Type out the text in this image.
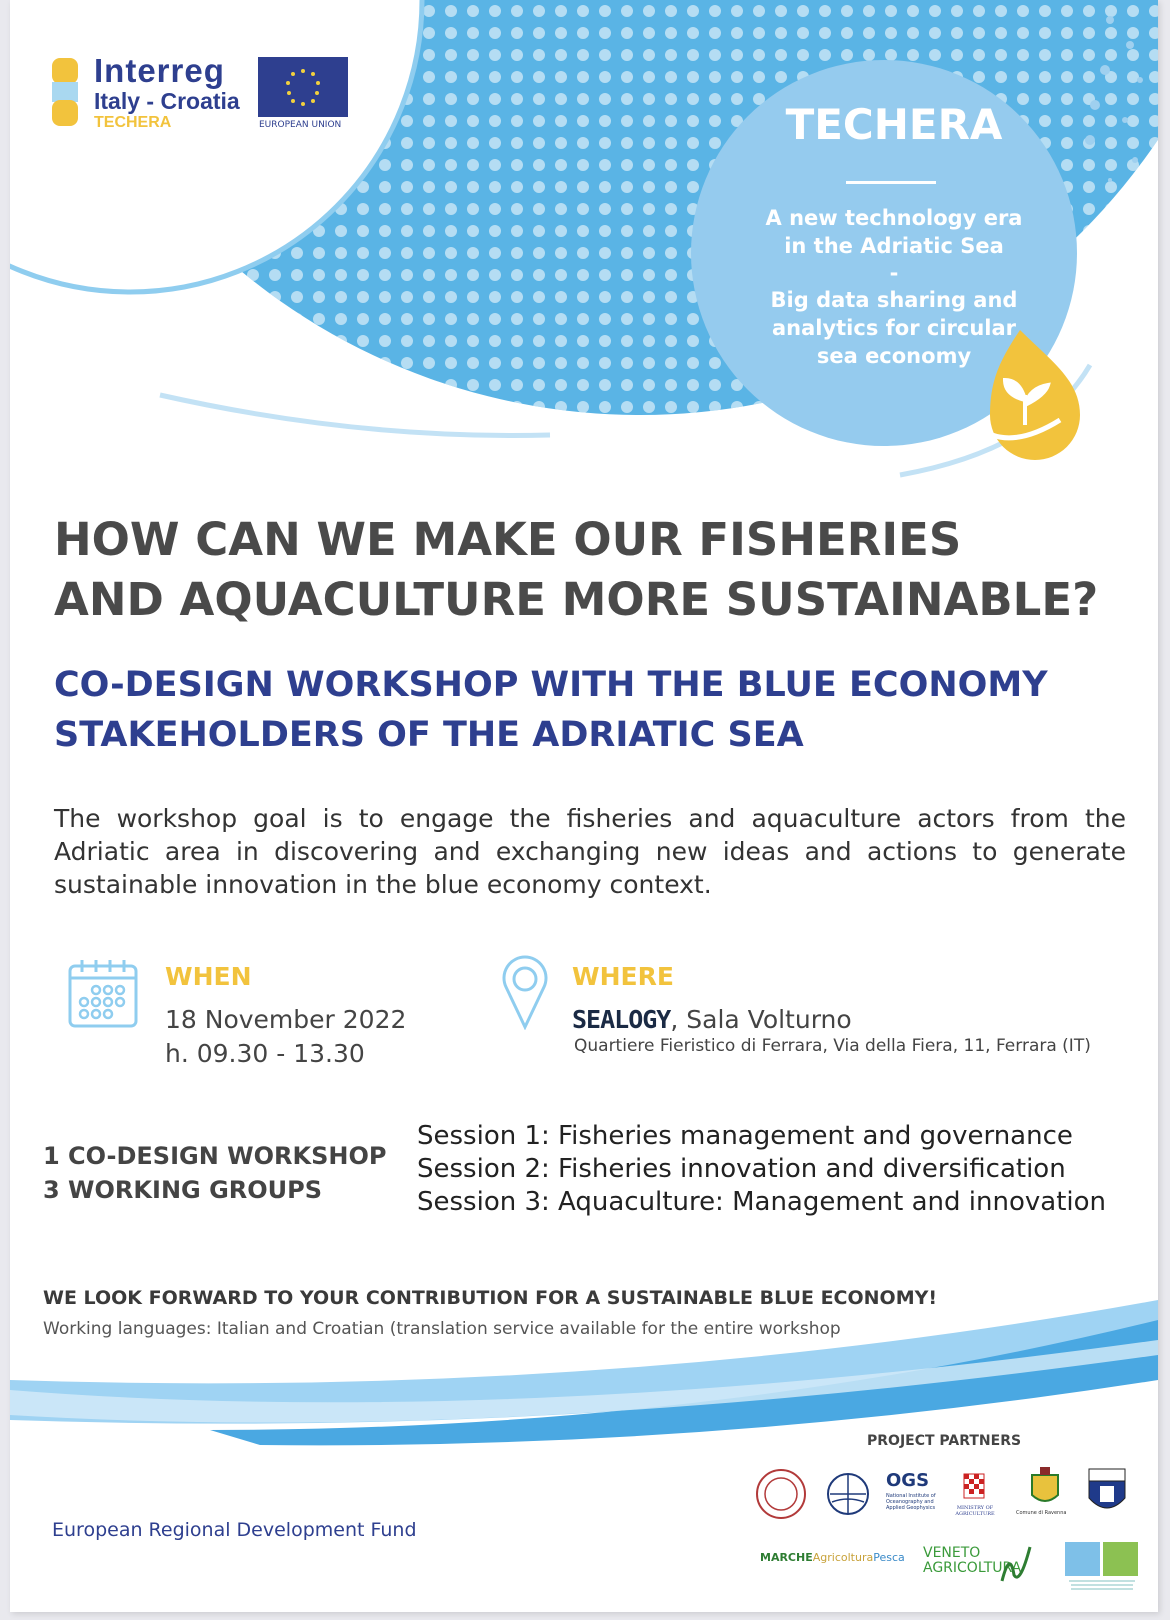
Interreg
Italy - Croatia
TECHERA	EUROPEAN UNION	TECHERA
A new technology era
in the Adriatic Sea
-
Big data sharing and
analytics for circular
sea economy
HOW CAN WE MAKE OUR FISHERIES
AND AQUACULTURE MORE SUSTAINABLE?
CO-DESIGN WORKSHOP WITH THE BLUE ECONOMY
STAKEHOLDERS OF THE ADRIATIC SEA
The workshop goal is to engage the fisheries and aquaculture actors from the Adriatic area in discovering and exchanging new ideas and actions to generate sustainable innovation in the blue economy context.
WHEN
18 November 2022
h. 09.30 - 13.30
WHERE
SEALOGY, Sala Volturno
Quartiere Fieristico di Ferrara, Via della Fiera, 11, Ferrara (IT)
1 CO-DESIGN WORKSHOP
3 WORKING GROUPS
Session 1: Fisheries management and governance
Session 2: Fisheries innovation and diversification
Session 3: Aquaculture: Management and innovation
WE LOOK FORWARD TO YOUR CONTRIBUTION FOR A SUSTAINABLE BLUE ECONOMY!
Working languages: Italian and Croatian (translation service available for the entire workshop
European Regional Development Fund
PROJECT PARTNERS
OGS
National Institute of Oceanography and Applied Geophysics	MINISTRY OF AGRICULTURE	Comune di Ravenna
MARCHEAgricolturaPesca VENETO
AGRICOLTURA
